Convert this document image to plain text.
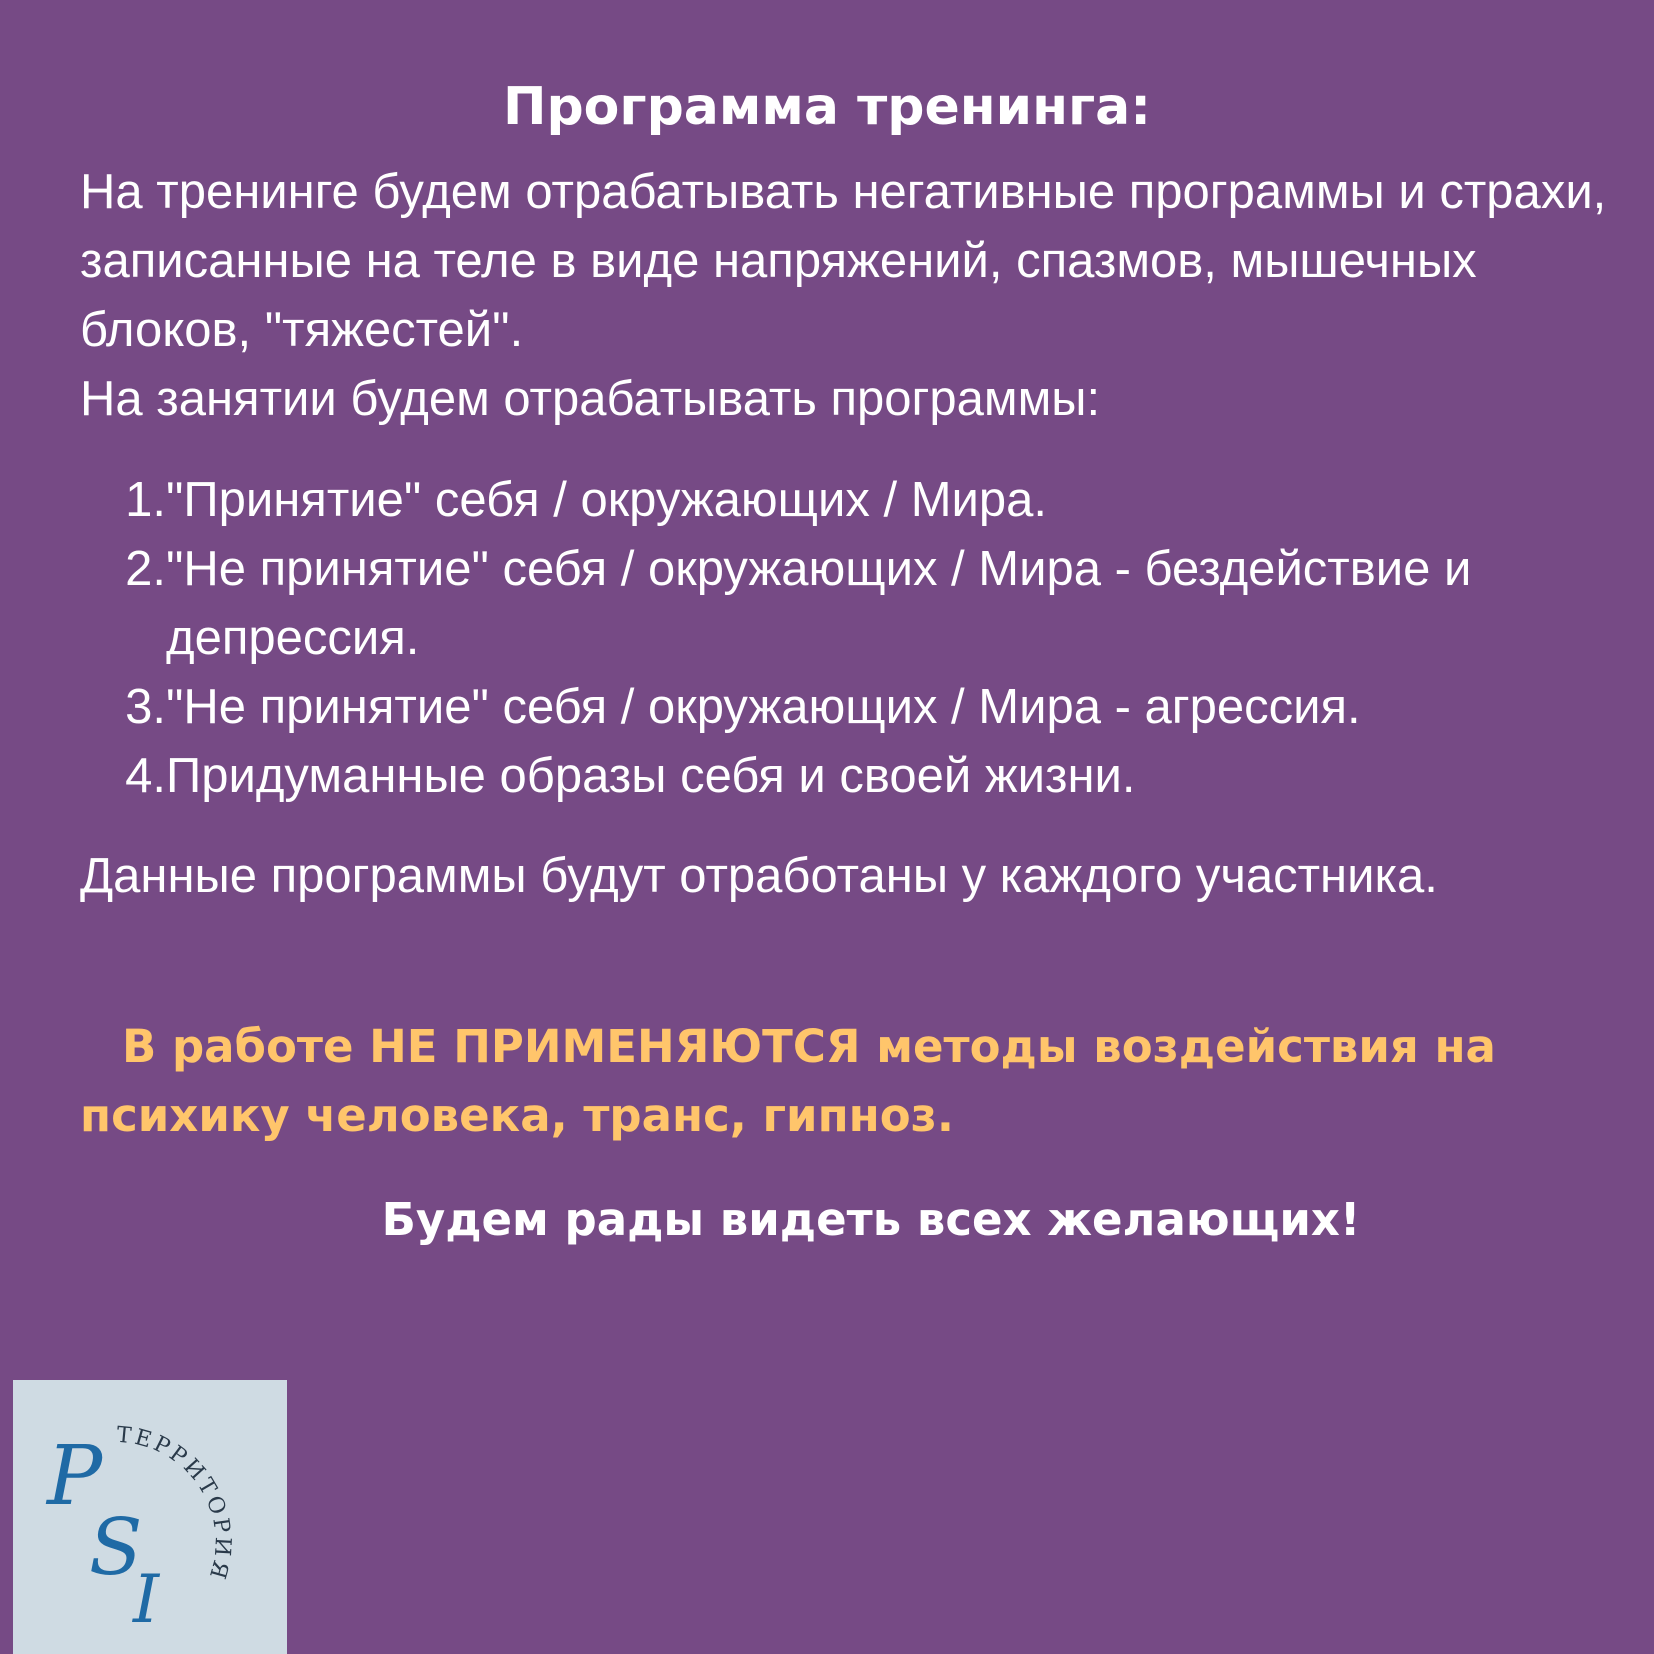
Программа тренинга:

На тренинге будем отрабатывать негативные программы и страхи, записанные на теле в виде напряжений, спазмов, мышечных блоков, "тяжестей".

На занятии будем отрабатывать программы:

1. "Принятие" себя / окружающих / Мира.
2. "Не принятие" себя / окружающих / Мира - бездействие и депрессия.
3. "Не принятие" себя / окружающих / Мира - агрессия.
4. Придуманные образы себя и своей жизни.

Данные программы будут отработаны у каждого участника.

В работе НЕ ПРИМЕНЯЮТСЯ методы воздействия на психику человека, транс, гипноз.

Будем рады видеть всех желающих!

P
S
I
ТЕРРИТОРИЯ
